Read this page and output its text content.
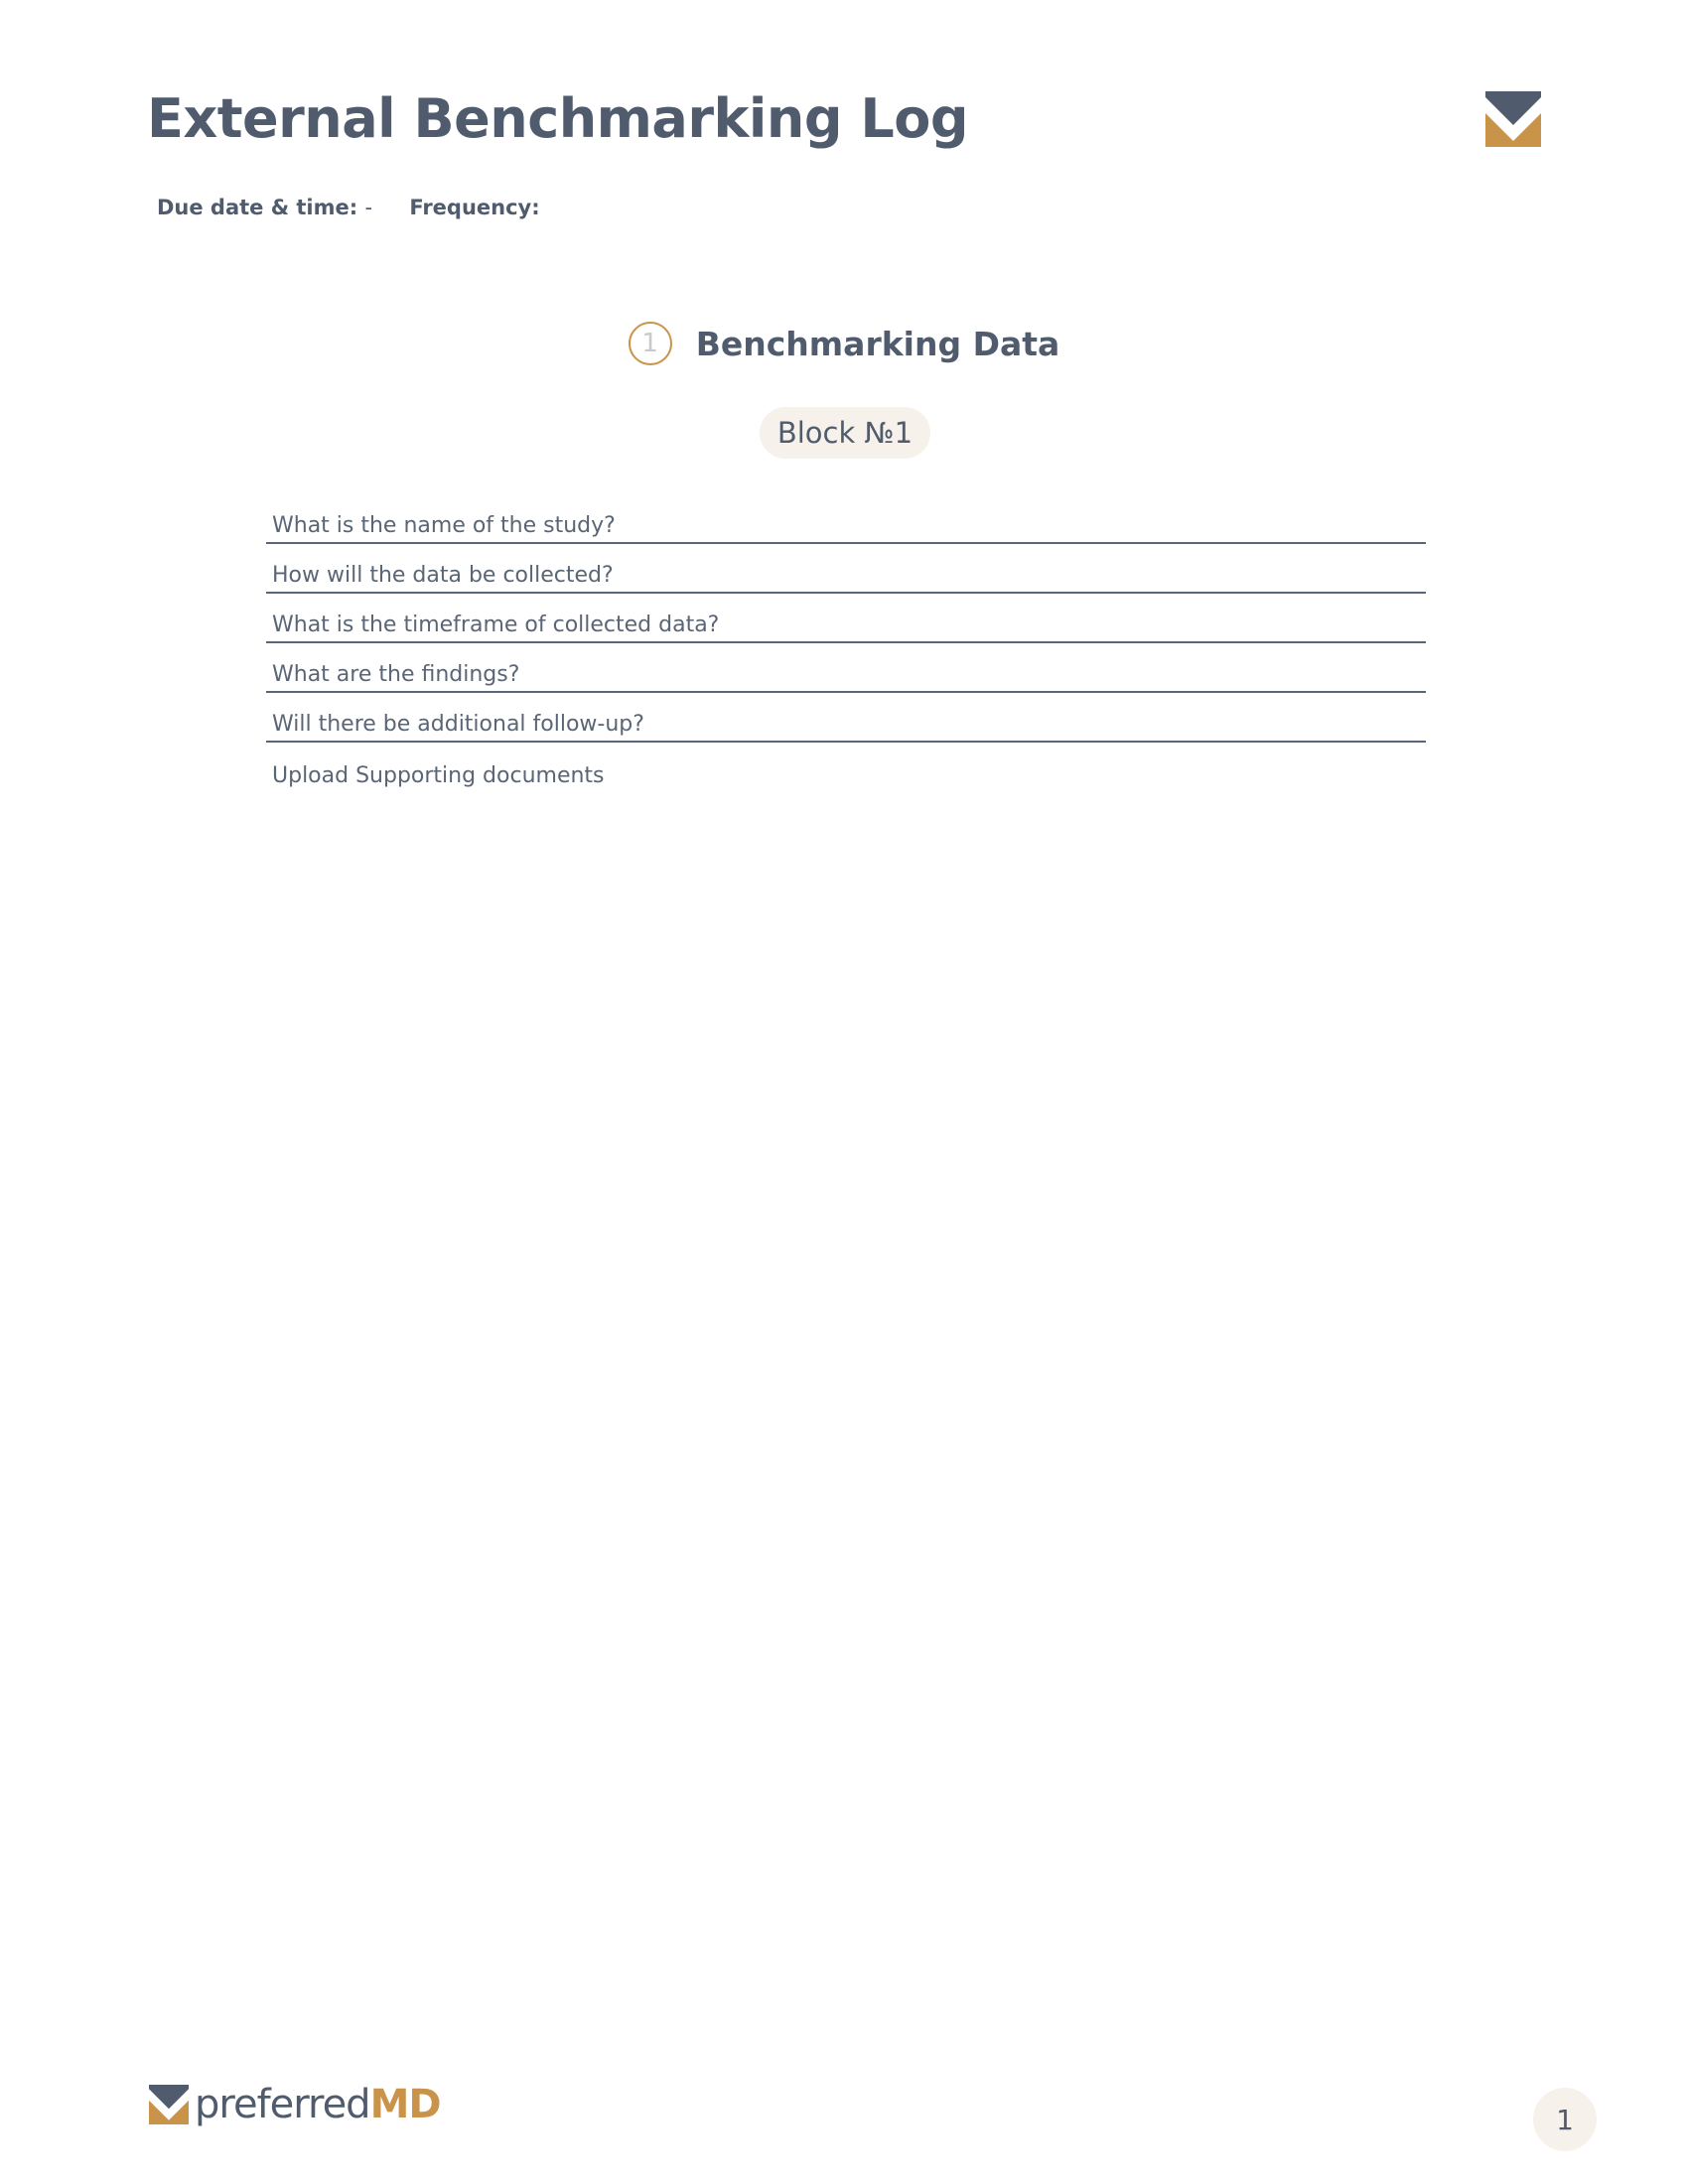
External Benchmarking Log
Due date & time: - Frequency:
1	Benchmarking Data
Block №1
What is the name of the study?
How will the data be collected?
What is the timeframe of collected data?
What are the findings?
Will there be additional follow-up?
Upload Supporting documents
preferredMD	1
